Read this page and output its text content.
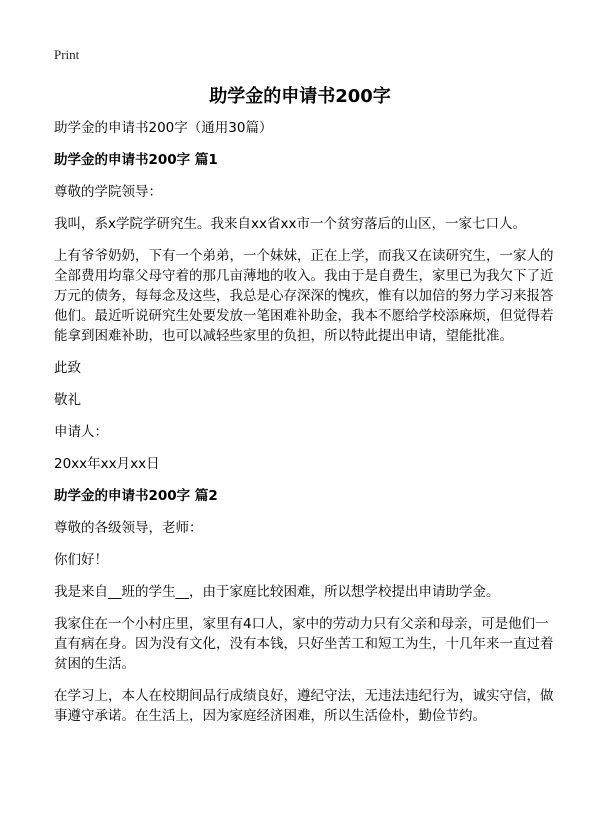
Print
助学金的申请书200字

助学金的申请书200字（通用30篇）

助学金的申请书200字 篇1

尊敬的学院领导：

我叫，系x学院学研究生。我来自xx省xx市一个贫穷落后的山区，一家七口人。

上有爷爷奶奶，下有一个弟弟，一个妹妹，正在上学，而我又在读研究生，一家人的全部费用均靠父母守着的那几亩薄地的收入。我由于是自费生，家里已为我欠下了近万元的债务，每每念及这些，我总是心存深深的愧疚，惟有以加倍的努力学习来报答他们。最近听说研究生处要发放一笔困难补助金，我本不愿给学校添麻烦，但觉得若能拿到困难补助，也可以减轻些家里的负担，所以特此提出申请，望能批准。

此致

敬礼

申请人：

20xx年xx月xx日

助学金的申请书200字 篇2

尊敬的各级领导，老师：

你们好！

我是来自__班的学生__，由于家庭比较困难，所以想学校提出申请助学金。

我家住在一个小村庄里，家里有4口人，家中的劳动力只有父亲和母亲，可是他们一直有病在身。因为没有文化，没有本钱，只好坐苦工和短工为生，十几年来一直过着贫困的生活。

在学习上，本人在校期间品行成绩良好，遵纪守法，无违法违纪行为，诚实守信，做事遵守承诺。在生活上，因为家庭经济困难，所以生活俭朴，勤俭节约。
